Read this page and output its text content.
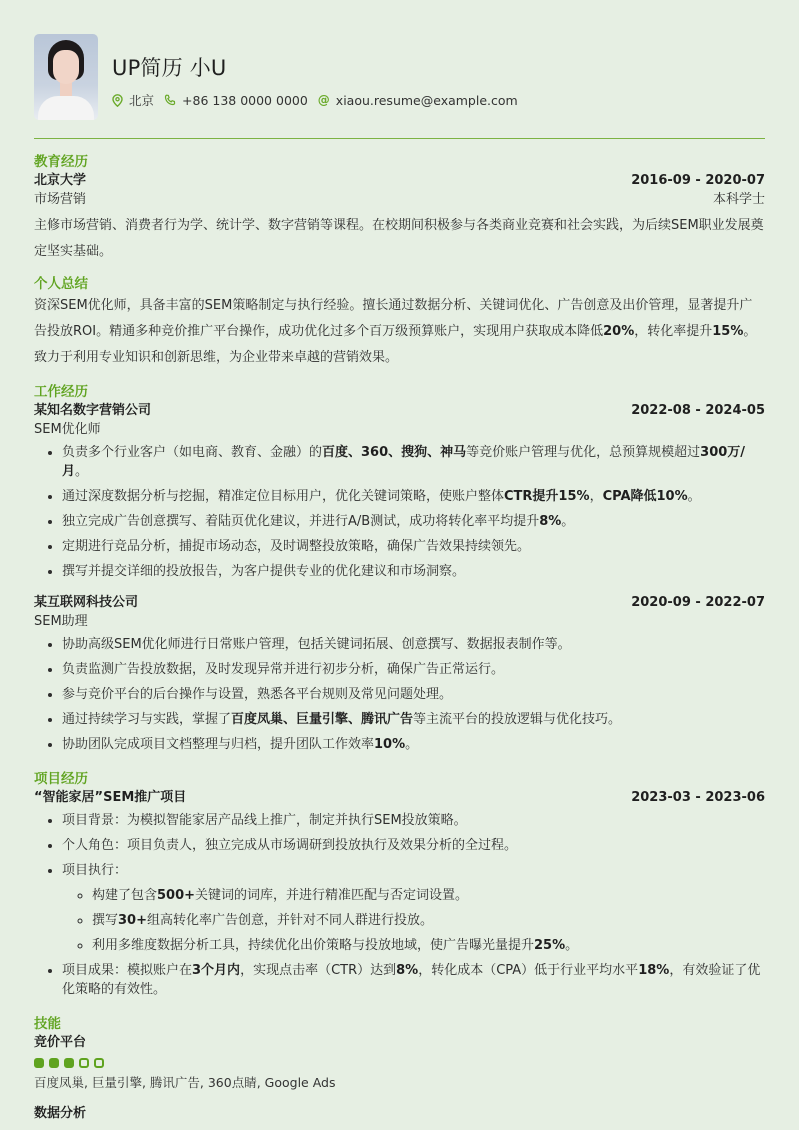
UP简历 小U
北京 +86 138 0000 0000 @ xiaou.resume@example.com
教育经历
北京大学	2016-09 - 2020-07
市场营销	本科学士
主修市场营销、消费者行为学、统计学、数字营销等课程。在校期间积极参与各类商业竞赛和社会实践，为后续SEM职业发展奠定坚实基础。
个人总结
资深SEM优化师，具备丰富的SEM策略制定与执行经验。擅长通过数据分析、关键词优化、广告创意及出价管理，显著提升广告投放ROI。精通多种竞价推广平台操作，成功优化过多个百万级预算账户，实现用户获取成本降低20%，转化率提升15%。致力于利用专业知识和创新思维，为企业带来卓越的营销效果。
工作经历
某知名数字营销公司	2022-08 - 2024-05
SEM优化师
• 负责多个行业客户（如电商、教育、金融）的百度、360、搜狗、神马等竞价账户管理与优化，总预算规模超过300万/月。
• 通过深度数据分析与挖掘，精准定位目标用户，优化关键词策略，使账户整体CTR提升15%，CPA降低10%。
• 独立完成广告创意撰写、着陆页优化建议，并进行A/B测试，成功将转化率平均提升8%。
• 定期进行竞品分析，捕捉市场动态，及时调整投放策略，确保广告效果持续领先。
• 撰写并提交详细的投放报告，为客户提供专业的优化建议和市场洞察。
某互联网科技公司	2020-09 - 2022-07
SEM助理
• 协助高级SEM优化师进行日常账户管理，包括关键词拓展、创意撰写、数据报表制作等。
• 负责监测广告投放数据，及时发现异常并进行初步分析，确保广告正常运行。
• 参与竞价平台的后台操作与设置，熟悉各平台规则及常见问题处理。
• 通过持续学习与实践，掌握了百度凤巢、巨量引擎、腾讯广告等主流平台的投放逻辑与优化技巧。
• 协助团队完成项目文档整理与归档，提升团队工作效率10%。
项目经历
“智能家居”SEM推广项目	2023-03 - 2023-06
• 项目背景：为模拟智能家居产品线上推广，制定并执行SEM投放策略。
• 个人角色：项目负责人，独立完成从市场调研到投放执行及效果分析的全过程。
• 项目执行：
◦ 构建了包含500+关键词的词库，并进行精准匹配与否定词设置。
◦ 撰写30+组高转化率广告创意，并针对不同人群进行投放。
◦ 利用多维度数据分析工具，持续优化出价策略与投放地域，使广告曝光量提升25%。
• 项目成果：模拟账户在3个月内，实现点击率（CTR）达到8%，转化成本（CPA）低于行业平均水平18%，有效验证了优化策略的有效性。
技能
竞价平台
百度凤巢, 巨量引擎, 腾讯广告, 360点睛, Google Ads
数据分析
